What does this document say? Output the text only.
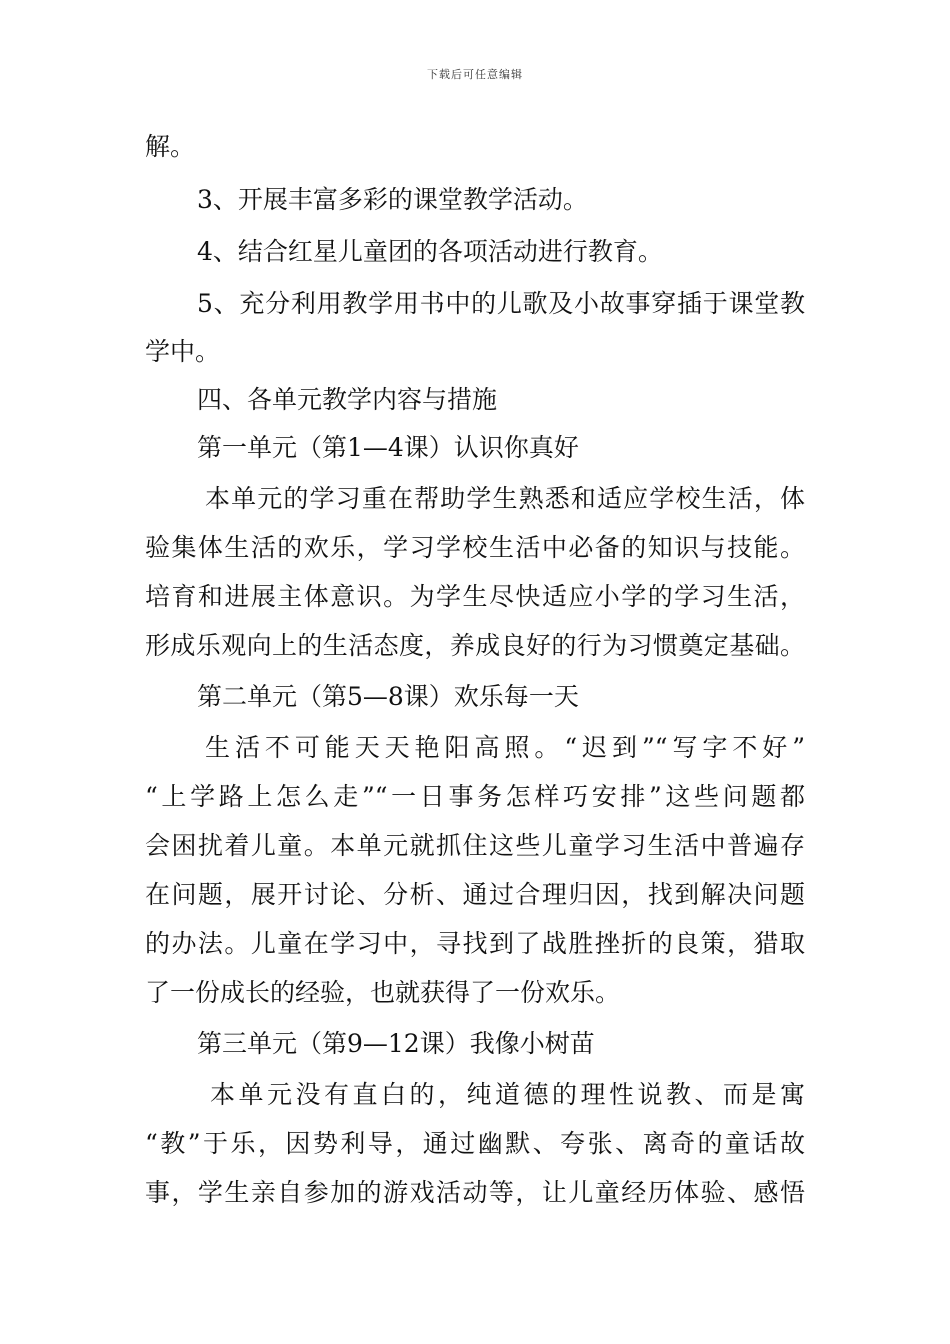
下载后可任意编辑
解。
3、开展丰富多彩的课堂教学活动。
4、结合红星儿童团的各项活动进行教育。
5、充分利用教学用书中的儿歌及小故事穿插于课堂教
学中。
四、各单元教学内容与措施
第一单元（第1—4课）认识你真好
本单元的学习重在帮助学生熟悉和适应学校生活，体
验集体生活的欢乐，学习学校生活中必备的知识与技能。
培育和进展主体意识。为学生尽快适应小学的学习生活，
形成乐观向上的生活态度，养成良好的行为习惯奠定基础。
第二单元（第5—8课）欢乐每一天
生活不可能天天艳阳高照。“迟到”“写字不好”
“上学路上怎么走”“一日事务怎样巧安排”这些问题都
会困扰着儿童。本单元就抓住这些儿童学习生活中普遍存
在问题，展开讨论、分析、通过合理归因，找到解决问题
的办法。儿童在学习中，寻找到了战胜挫折的良策，猎取
了一份成长的经验，也就获得了一份欢乐。
第三单元（第9—12课）我像小树苗
本单元没有直白的，纯道德的理性说教、而是寓
“教”于乐，因势利导，通过幽默、夸张、离奇的童话故
事，学生亲自参加的游戏活动等，让儿童经历体验、感悟
